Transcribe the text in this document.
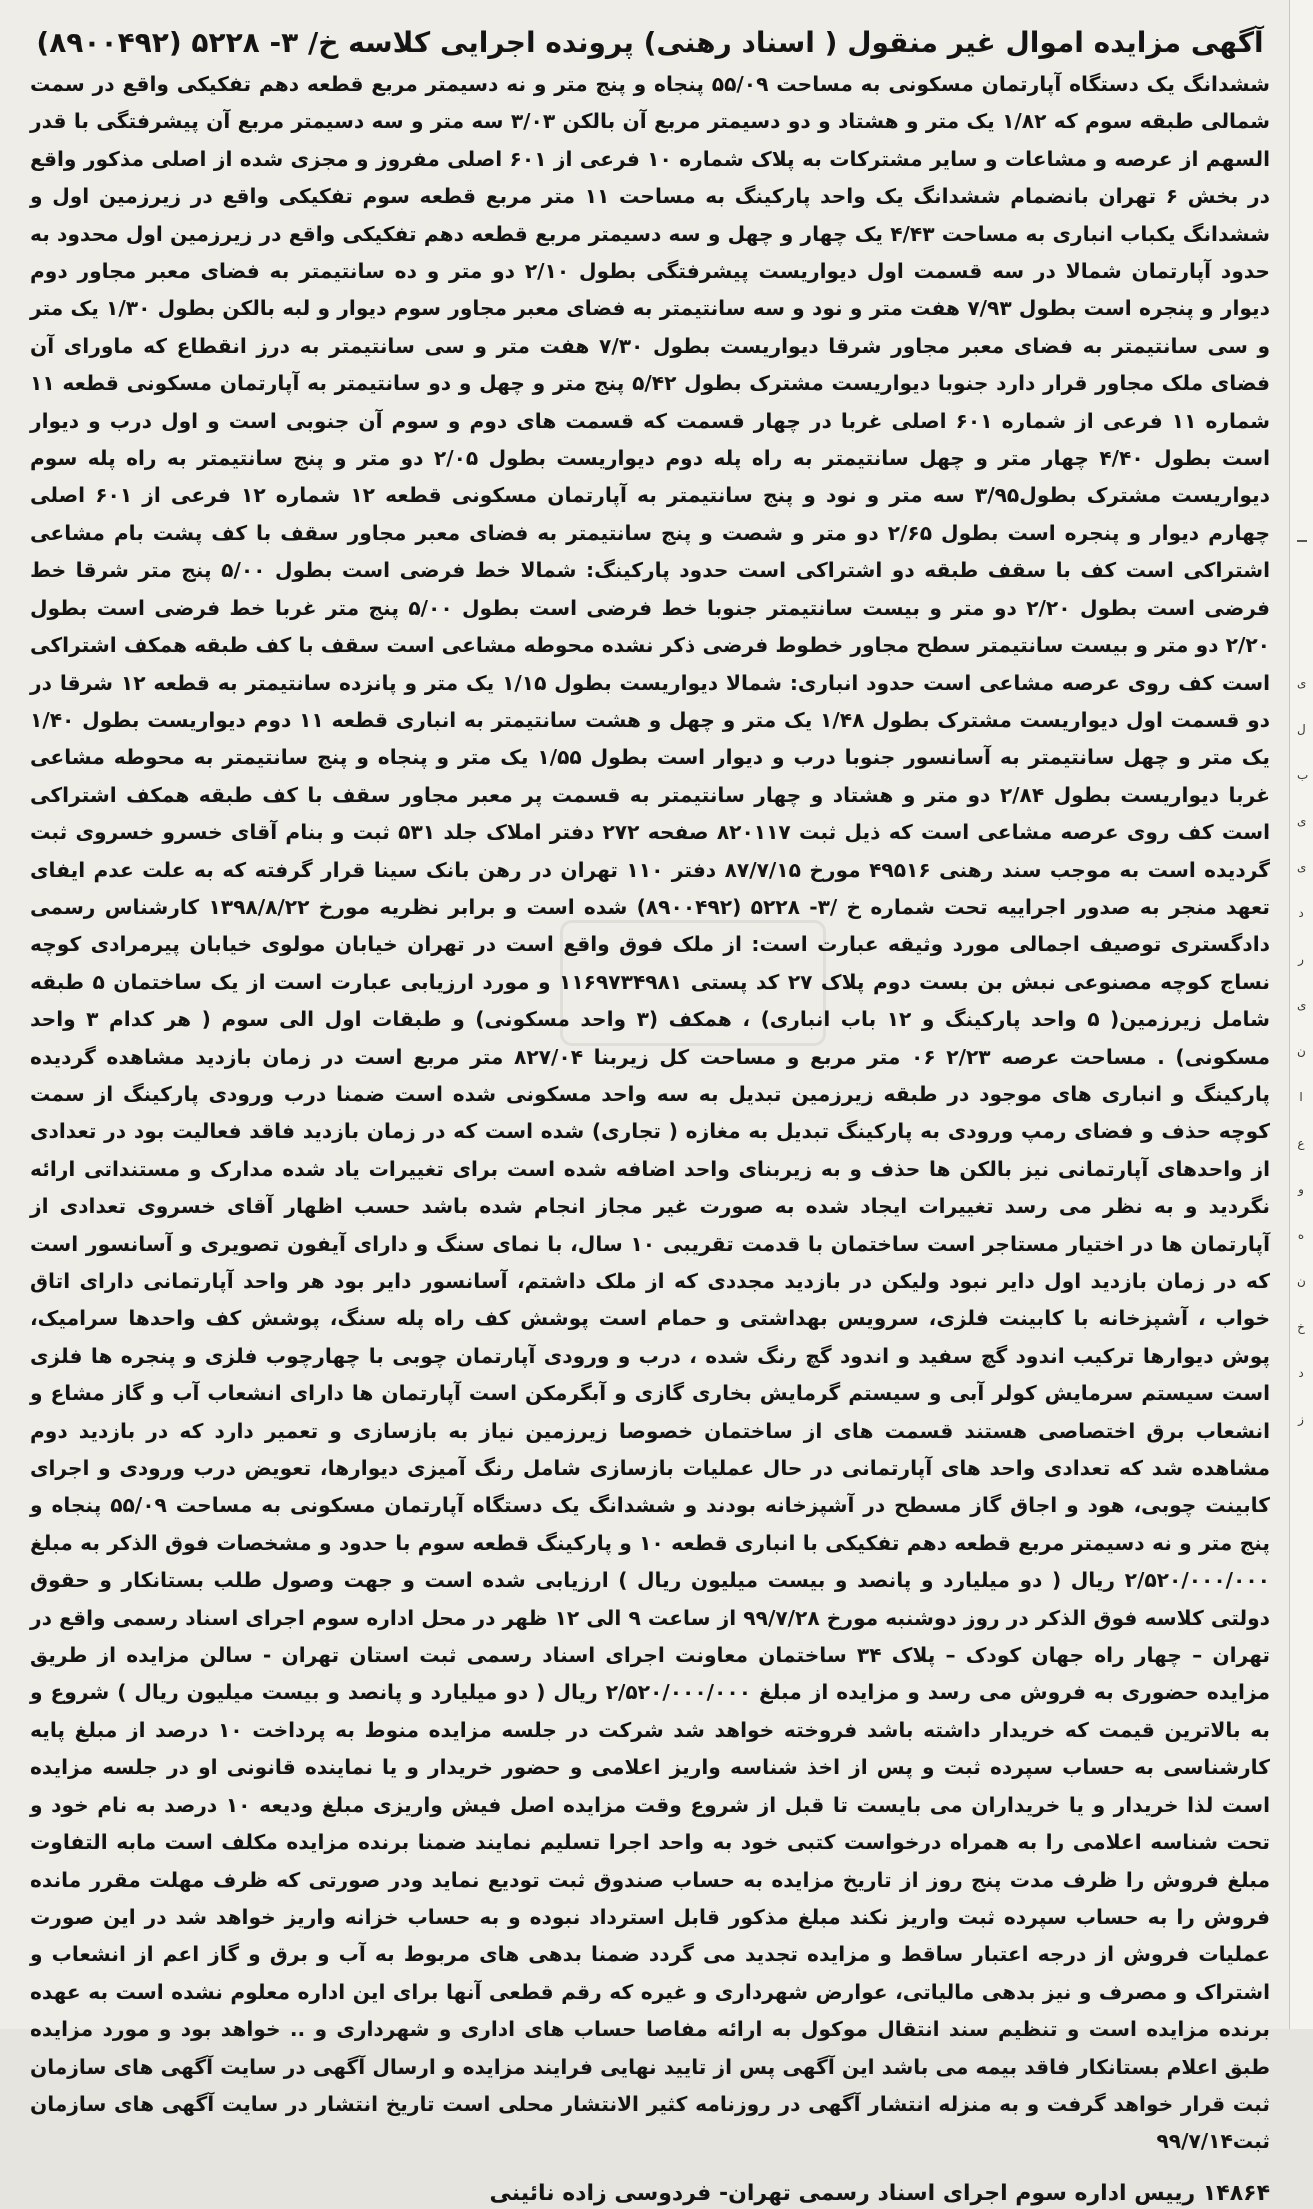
آگهی مزایده اموال غیر منقول ( اسناد رهنی) پرونده اجرایی کلاسه خ/ ۳- ۵۲۲۸ (۸۹۰۰۴۹۲)

ششدانگ یک دستگاه آپارتمان مسکونی به مساحت ۵۵/۰۹ پنجاه و پنج متر و نه دسیمتر مربع قطعه دهم تفکیکی واقع در سمت شمالی طبقه سوم که ۱/۸۲ یک متر و هشتاد و دو دسیمتر مربع آن بالکن ۳/۰۳ سه متر و سه دسیمتر مربع آن پیشرفتگی با قدر السهم از عرصه و مشاعات و سایر مشترکات به پلاک شماره ۱۰ فرعی از ۶۰۱ اصلی مفروز و مجزی شده از اصلی مذکور واقع در بخش ۶ تهران بانضمام ششدانگ یک واحد پارکینگ به مساحت ۱۱ متر مربع قطعه سوم تفکیکی واقع در زیرزمین اول و ششدانگ یکباب انباری به مساحت ۴/۴۳ یک چهار و چهل و سه دسیمتر مربع قطعه دهم تفکیکی واقع در زیرزمین اول محدود به حدود آپارتمان شمالا در سه قسمت اول دیواریست پیشرفتگی بطول ۲/۱۰ دو متر و ده سانتیمتر به فضای معبر مجاور دوم دیوار و پنجره است بطول ۷/۹۳ هفت متر و نود و سه سانتیمتر به فضای معبر مجاور سوم دیوار و لبه بالکن بطول ۱/۳۰ یک متر و سی سانتیمتر به فضای معبر مجاور شرقا دیواریست بطول ۷/۳۰ هفت متر و سی سانتیمتر به درز انقطاع که ماورای آن فضای ملک مجاور قرار دارد جنوبا دیواریست مشترک بطول ۵/۴۲ پنج متر و چهل و دو سانتیمتر به آپارتمان مسکونی قطعه ۱۱ شماره ۱۱ فرعی از شماره ۶۰۱ اصلی غربا در چهار قسمت که قسمت های دوم و سوم آن جنوبی است و اول درب و دیوار است بطول ۴/۴۰ چهار متر و چهل سانتیمتر به راه پله دوم دیواریست بطول ۲/۰۵ دو متر و پنج سانتیمتر به راه پله سوم دیواریست مشترک بطول۳/۹۵ سه متر و نود و پنج سانتیمتر به آپارتمان مسکونی قطعه ۱۲ شماره ۱۲ فرعی از ۶۰۱ اصلی چهارم دیوار و پنجره است بطول ۲/۶۵ دو متر و شصت و پنج سانتیمتر به فضای معبر مجاور سقف با کف پشت بام مشاعی اشتراکی است کف با سقف طبقه دو اشتراکی است حدود پارکینگ: شمالا خط فرضی است بطول ۵/۰۰ پنج متر شرقا خط فرضی است بطول ۲/۲۰ دو متر و بیست سانتیمتر جنوبا خط فرضی است بطول ۵/۰۰ پنج متر غربا خط فرضی است بطول ۲/۲۰ دو متر و بیست سانتیمتر سطح مجاور خطوط فرضی ذکر نشده محوطه مشاعی است سقف با کف طبقه همکف اشتراکی است کف روی عرصه مشاعی است حدود انباری: شمالا دیواریست بطول ۱/۱۵ یک متر و پانزده سانتیمتر به قطعه ۱۲ شرقا در دو قسمت اول دیواریست مشترک بطول ۱/۴۸ یک متر و چهل و هشت سانتیمتر به انباری قطعه ۱۱ دوم دیواریست بطول ۱/۴۰ یک متر و چهل سانتیمتر به آسانسور جنوبا درب و دیوار است بطول ۱/۵۵ یک متر و پنجاه و پنج سانتیمتر به محوطه مشاعی غربا دیواریست بطول ۲/۸۴ دو متر و هشتاد و چهار سانتیمتر به قسمت پر معبر مجاور سقف با کف طبقه همکف اشتراکی است کف روی عرصه مشاعی است که ذیل ثبت ۸۲۰۱۱۷ صفحه ۲۷۲ دفتر املاک جلد ۵۳۱ ثبت و بنام آقای خسرو خسروی ثبت گردیده است به موجب سند رهنی ۴۹۵۱۶ مورخ ۸۷/۷/۱۵ دفتر ۱۱۰ تهران در رهن بانک سینا قرار گرفته که به علت عدم ایفای تعهد منجر به صدور اجراییه تحت شماره خ /۳- ۵۲۲۸ (۸۹۰۰۴۹۲) شده است و برابر نظریه مورخ ۱۳۹۸/۸/۲۲ کارشناس رسمی دادگستری توصیف اجمالی مورد وثیقه عبارت است: از ملک فوق واقع است در تهران خیابان مولوی خیابان پیرمرادی کوچه نساج کوچه مصنوعی نبش بن بست دوم پلاک ۲۷ کد پستی ۱۱۶۹۷۳۴۹۸۱ و مورد ارزیابی عبارت است از یک ساختمان ۵ طبقه شامل زیرزمین( ۵ واحد پارکینگ و ۱۲ باب انباری) ، همکف (۳ واحد مسکونی) و طبقات اول الی سوم ( هر کدام ۳ واحد مسکونی) . مساحت عرصه ۲/۲۳ ۰۶ متر مربع و مساحت کل زیربنا ۸۲۷/۰۴ متر مربع است در زمان بازدید مشاهده گردیده پارکینگ و انباری های موجود در طبقه زیرزمین تبدیل به سه واحد مسکونی شده است ضمنا درب ورودی پارکینگ از سمت کوچه حذف و فضای رمپ ورودی به پارکینگ تبدیل به مغازه ( تجاری) شده است که در زمان بازدید فاقد فعالیت بود در تعدادی از واحدهای آپارتمانی نیز بالکن ها حذف و به زیربنای واحد اضافه شده است برای تغییرات یاد شده مدارک و مستنداتی ارائه نگردید و به نظر می رسد تغییرات ایجاد شده به صورت غیر مجاز انجام شده باشد حسب اظهار آقای خسروی تعدادی از آپارتمان ها در اختیار مستاجر است ساختمان با قدمت تقریبی ۱۰ سال، با نمای سنگ و دارای آیفون تصویری و آسانسور است که در زمان بازدید اول دایر نبود ولیکن در بازدید مجددی که از ملک داشتم، آسانسور دایر بود هر واحد آپارتمانی دارای اتاق خواب ، آشپزخانه با کابینت فلزی، سرویس بهداشتی و حمام است پوشش کف راه پله سنگ، پوشش کف واحدها سرامیک، پوش دیوارها ترکیب اندود گچ سفید و اندود گچ رنگ شده ، درب و ورودی آپارتمان چوبی با چهارچوب فلزی و پنجره ها فلزی است سیستم سرمایش کولر آبی و سیستم گرمایش بخاری گازی و آبگرمکن است آپارتمان ها دارای انشعاب آب و گاز مشاع و انشعاب برق اختصاصی هستند قسمت های از ساختمان خصوصا زیرزمین نیاز به بازسازی و تعمیر دارد که در بازدید دوم مشاهده شد که تعدادی واحد های آپارتمانی در حال عملیات بازسازی شامل رنگ آمیزی دیوارها، تعویض درب ورودی و اجرای کابینت چوبی، هود و اجاق گاز مسطح در آشپزخانه بودند و ششدانگ یک دستگاه آپارتمان مسکونی به مساحت ۵۵/۰۹ پنجاه و پنج متر و نه دسیمتر مربع قطعه دهم تفکیکی با انباری قطعه ۱۰ و پارکینگ قطعه سوم با حدود و مشخصات فوق الذکر به مبلغ ۲/۵۲۰/۰۰۰/۰۰۰ ریال ( دو میلیارد و پانصد و بیست میلیون ریال ) ارزیابی شده است و جهت وصول طلب بستانکار و حقوق دولتی کلاسه فوق الذکر در روز دوشنبه مورخ ۹۹/۷/۲۸ از ساعت ۹ الی ۱۲ ظهر در محل اداره سوم اجرای اسناد رسمی واقع در تهران – چهار راه جهان کودک – پلاک ۳۴ ساختمان معاونت اجرای اسناد رسمی ثبت استان تهران - سالن مزایده از طریق مزایده حضوری به فروش می رسد و مزایده از مبلغ ۲/۵۲۰/۰۰۰/۰۰۰ ریال ( دو میلیارد و پانصد و بیست میلیون ریال ) شروع و به بالاترین قیمت که خریدار داشته باشد فروخته خواهد شد شرکت در جلسه مزایده منوط به پرداخت ۱۰ درصد از مبلغ پایه کارشناسی به حساب سپرده ثبت و پس از اخذ شناسه واریز اعلامی و حضور خریدار و یا نماینده قانونی او در جلسه مزایده است لذا خریدار و یا خریداران می بایست تا قبل از شروع وقت مزایده اصل فیش واریزی مبلغ ودیعه ۱۰ درصد به نام خود و تحت شناسه اعلامی را به همراه درخواست کتبی خود به واحد اجرا تسلیم نمایند ضمنا برنده مزایده مکلف است مابه التفاوت مبلغ فروش را ظرف مدت پنج روز از تاریخ مزایده به حساب صندوق ثبت تودیع نماید ودر صورتی که ظرف مهلت مقرر مانده فروش را به حساب سپرده ثبت واریز نکند مبلغ مذکور قابل استرداد نبوده و به حساب خزانه واریز خواهد شد در این صورت عملیات فروش از درجه اعتبار ساقط و مزایده تجدید می گردد ضمنا بدهی های مربوط به آب و برق و گاز اعم از انشعاب و اشتراک و مصرف و نیز بدهی مالیاتی، عوارض شهرداری و غیره که رقم قطعی آنها برای این اداره معلوم نشده است به عهده برنده مزایده است و تنظیم سند انتقال موکول به ارائه مفاصا حساب های اداری و شهرداری و .. خواهد بود و مورد مزایده طبق اعلام بستانکار فاقد بیمه می باشد این آگهی پس از تایید نهایی فرایند مزایده و ارسال آگهی در سایت آگهی های سازمان ثبت قرار خواهد گرفت و به منزله انتشار آگهی در روزنامه کثیر الانتشار محلی است تاریخ انتشار در سایت آگهی های سازمان ثبت۹۹/۷/۱۴

۱۴۸۶۴ رییس اداره سوم اجرای اسناد رسمی تهران- فردوسی زاده نائینی

ی ل ب ی ی د ر ی ن ا ع و ه ن خ د ز
